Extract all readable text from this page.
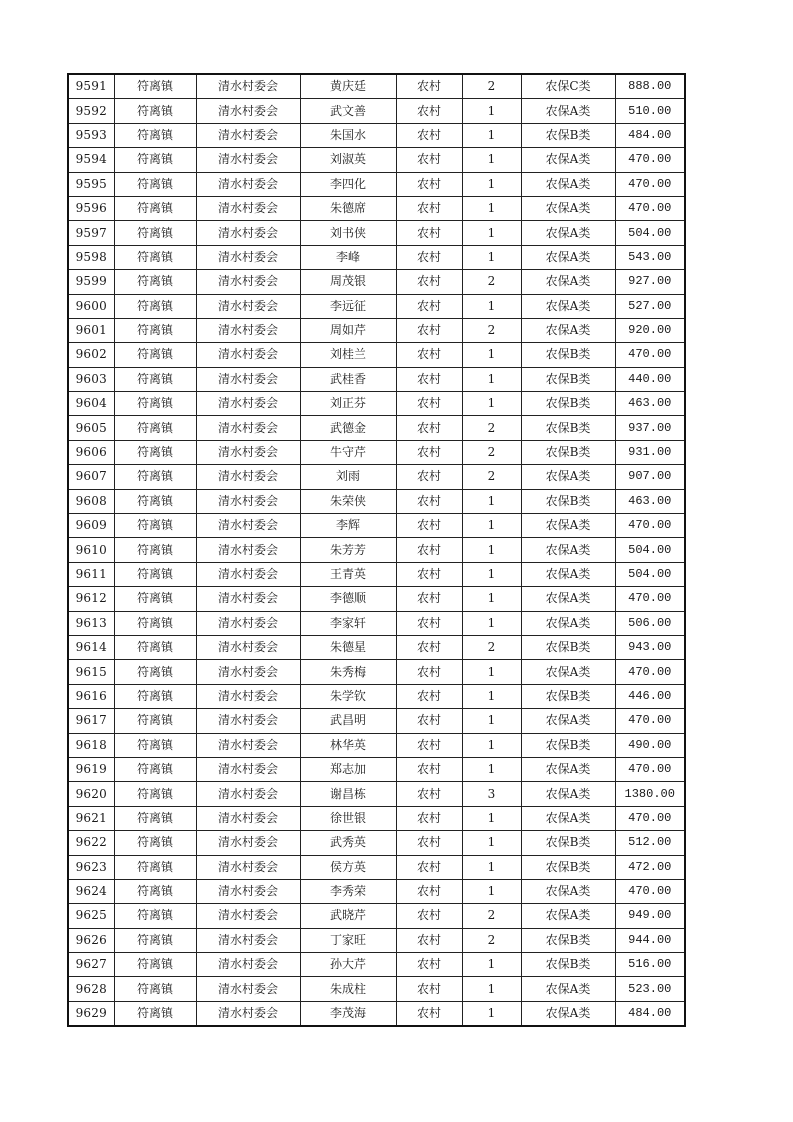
9591	符离镇	清水村委会	黄庆廷	农村	2	农保C类	888.00
9592	符离镇	清水村委会	武文善	农村	1	农保A类	510.00
9593	符离镇	清水村委会	朱国水	农村	1	农保B类	484.00
9594	符离镇	清水村委会	刘淑英	农村	1	农保A类	470.00
9595	符离镇	清水村委会	李四化	农村	1	农保A类	470.00
9596	符离镇	清水村委会	朱德席	农村	1	农保A类	470.00
9597	符离镇	清水村委会	刘书侠	农村	1	农保A类	504.00
9598	符离镇	清水村委会	李峰	农村	1	农保A类	543.00
9599	符离镇	清水村委会	周茂银	农村	2	农保A类	927.00
9600	符离镇	清水村委会	李远征	农村	1	农保A类	527.00
9601	符离镇	清水村委会	周如芹	农村	2	农保A类	920.00
9602	符离镇	清水村委会	刘桂兰	农村	1	农保B类	470.00
9603	符离镇	清水村委会	武桂香	农村	1	农保B类	440.00
9604	符离镇	清水村委会	刘正芬	农村	1	农保B类	463.00
9605	符离镇	清水村委会	武德金	农村	2	农保B类	937.00
9606	符离镇	清水村委会	牛守芹	农村	2	农保B类	931.00
9607	符离镇	清水村委会	刘雨	农村	2	农保A类	907.00
9608	符离镇	清水村委会	朱荣侠	农村	1	农保B类	463.00
9609	符离镇	清水村委会	李辉	农村	1	农保A类	470.00
9610	符离镇	清水村委会	朱芳芳	农村	1	农保A类	504.00
9611	符离镇	清水村委会	王青英	农村	1	农保A类	504.00
9612	符离镇	清水村委会	李德顺	农村	1	农保A类	470.00
9613	符离镇	清水村委会	李家轩	农村	1	农保A类	506.00
9614	符离镇	清水村委会	朱德星	农村	2	农保B类	943.00
9615	符离镇	清水村委会	朱秀梅	农村	1	农保A类	470.00
9616	符离镇	清水村委会	朱学钦	农村	1	农保B类	446.00
9617	符离镇	清水村委会	武昌明	农村	1	农保A类	470.00
9618	符离镇	清水村委会	林华英	农村	1	农保B类	490.00
9619	符离镇	清水村委会	郑志加	农村	1	农保A类	470.00
9620	符离镇	清水村委会	谢昌栋	农村	3	农保A类	1380.00
9621	符离镇	清水村委会	徐世银	农村	1	农保A类	470.00
9622	符离镇	清水村委会	武秀英	农村	1	农保B类	512.00
9623	符离镇	清水村委会	侯方英	农村	1	农保B类	472.00
9624	符离镇	清水村委会	李秀荣	农村	1	农保A类	470.00
9625	符离镇	清水村委会	武晓芹	农村	2	农保A类	949.00
9626	符离镇	清水村委会	丁家旺	农村	2	农保B类	944.00
9627	符离镇	清水村委会	孙大芹	农村	1	农保B类	516.00
9628	符离镇	清水村委会	朱成柱	农村	1	农保A类	523.00
9629	符离镇	清水村委会	李茂海	农村	1	农保A类	484.00
